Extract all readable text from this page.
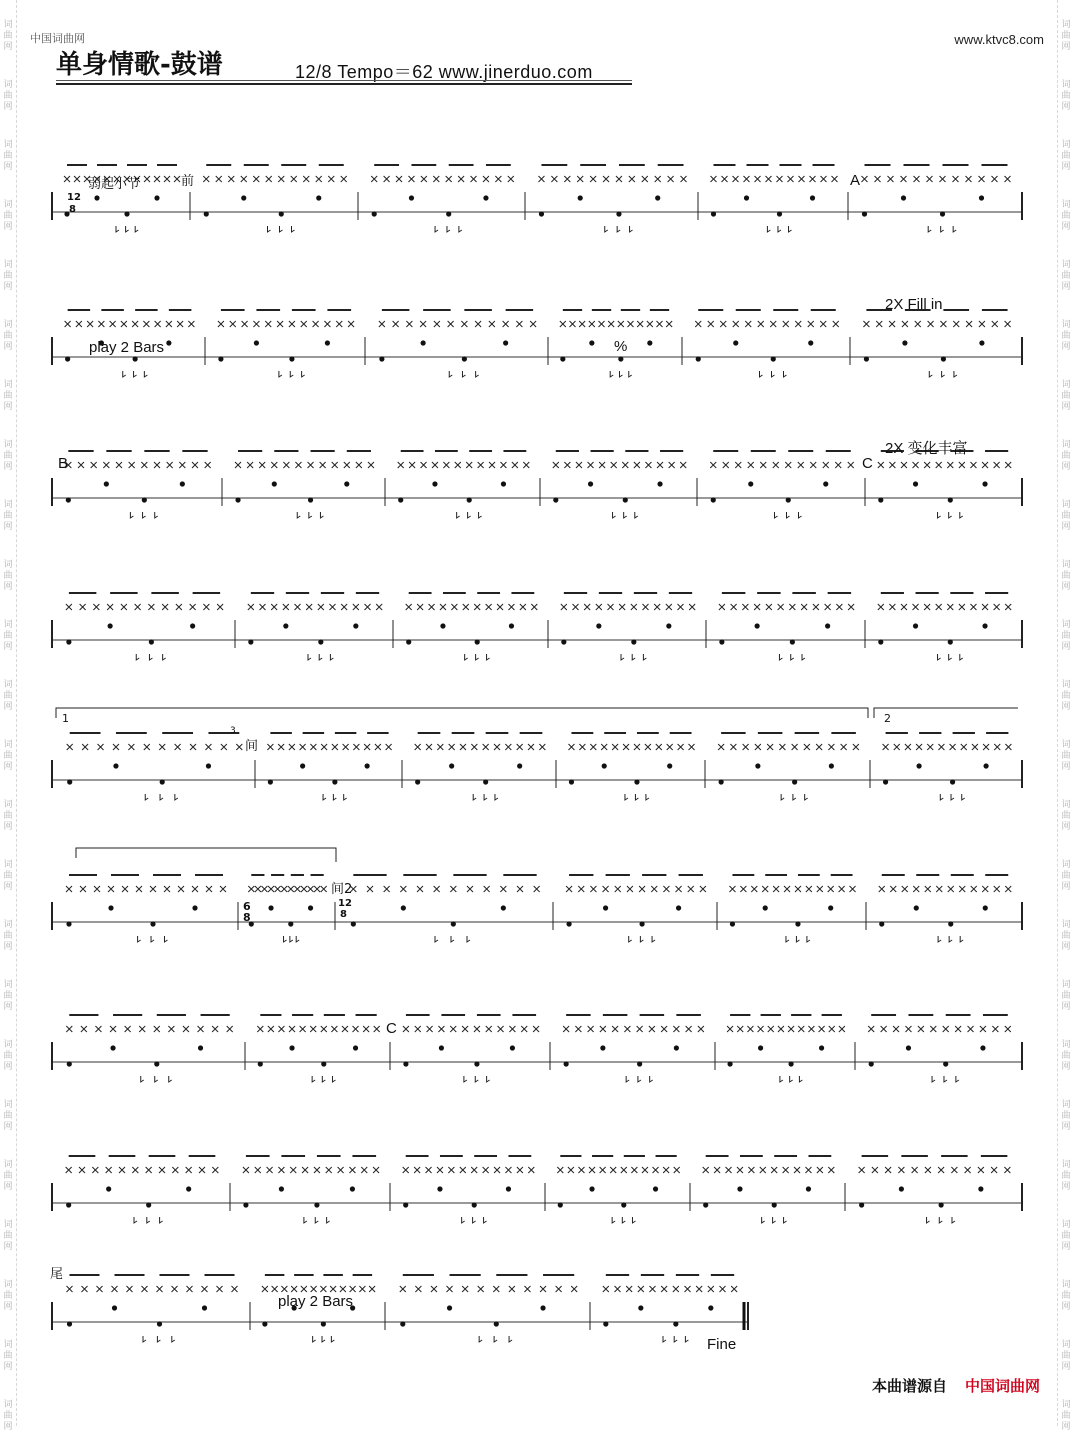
词
曲
网
词
曲
网
词
曲
网
词
曲
网
词
曲
网
词
曲
网
词
曲
网
词
曲
网
词
曲
网
词
曲
网
词
曲
网
词
曲
网
词
曲
网
词
曲
网
词
曲
网
词
曲
网
词
曲
网
词
曲
网
词
曲
网
词
曲
网
词
曲
网
词
曲
网
词
曲
网
词
曲
网
词
曲
网
词
曲
网
词
曲
网
词
曲
网
词
曲
网
词
曲
网
词
曲
网
词
曲
网
词
曲
网
词
曲
网
词
曲
网
词
曲
网
词
曲
网
词
曲
网
词
曲
网
词
曲
网
词
曲
网
词
曲
网
词
曲
网
词
曲
网
词
曲
网
词
曲
网
词
曲
网
词
曲
网
中国词曲网	www.ktvc8.com
单身情歌-鼓谱	12/8 Tempo＝62 www.jinerduo.com
弱起小节	前
12
8
A
play 2 Bars
2X Fill in
%
B	C
2X 变化丰富
1
3
间
2
6
8
间2
12
8
C
尾
play 2 Bars
Fine
本曲谱源自 中国词曲网
